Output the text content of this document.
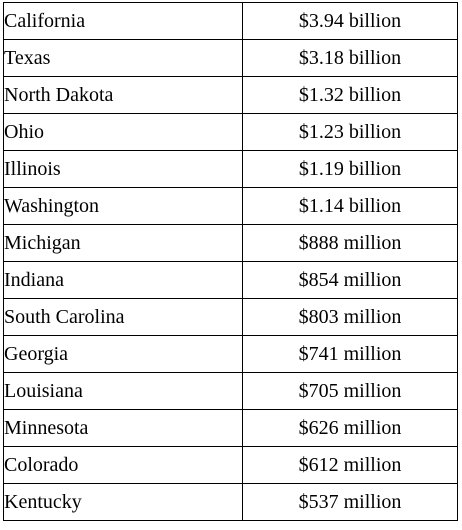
California	$3.94 billion
Texas	$3.18 billion
North Dakota	$1.32 billion
Ohio	$1.23 billion
Illinois	$1.19 billion
Washington	$1.14 billion
Michigan	$888 million
Indiana	$854 million
South Carolina	$803 million
Georgia	$741 million
Louisiana	$705 million
Minnesota	$626 million
Colorado	$612 million
Kentucky	$537 million
